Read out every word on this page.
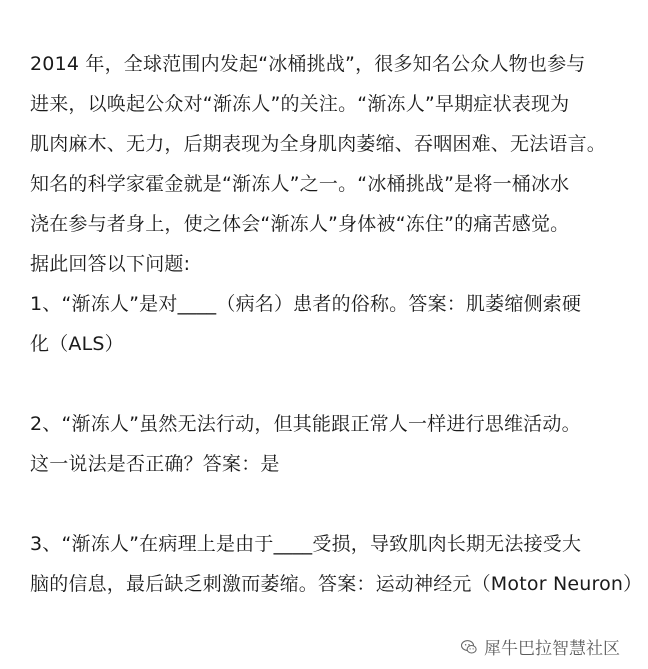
2014 年，全球范围内发起“冰桶挑战”，很多知名公众人物也参与
进来，以唤起公众对“渐冻人”的关注。“渐冻人”早期症状表现为
肌肉麻木、无力，后期表现为全身肌肉萎缩、吞咽困难、无法语言。
知名的科学家霍金就是“渐冻人”之一。“冰桶挑战”是将一桶冰水
浇在参与者身上，使之体会“渐冻人”身体被“冻住”的痛苦感觉。
据此回答以下问题:
1、“渐冻人”是对____（病名）患者的俗称。答案：肌萎缩侧索硬
化（ALS）
2、“渐冻人”虽然无法行动，但其能跟正常人一样进行思维活动。
这一说法是否正确？答案：是
3、“渐冻人”在病理上是由于____受损，导致肌肉长期无法接受大
脑的信息，最后缺乏刺激而萎缩。答案：运动神经元（Motor Neuron）
犀牛巴拉智慧社区
